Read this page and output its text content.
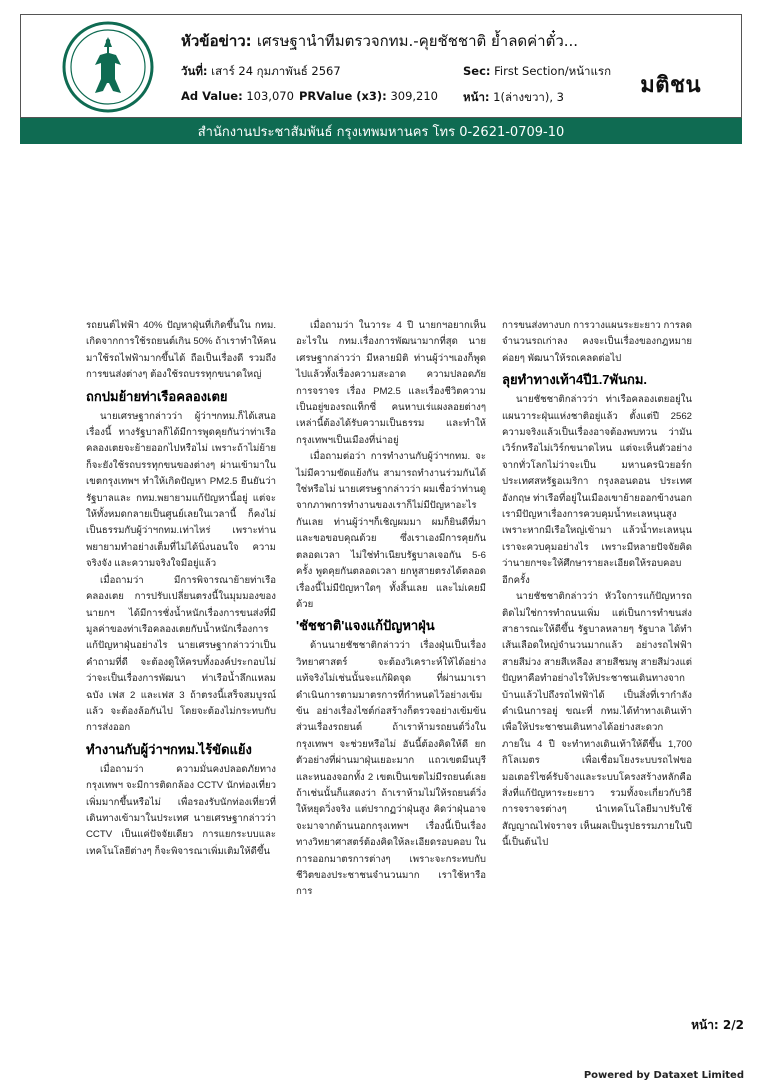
หัวข้อข่าว: เศรษฐานำทีมตรวจกทม.-คุยชัชชาติ ย้ำลดค่าตั๋ว...
วันที่: เสาร์ 24 กุมภาพันธ์ 2567	Sec: First Section/หน้าแรก
Ad Value: 103,070 PRValue (x3): 309,210 หน้า: 1(ล่างขวา), 3	มติชน
สำนักงานประชาสัมพันธ์ กรุงเทพมหานคร โทร 0-2621-0709-10

รถยนต์ไฟฟ้า 40% ปัญหาฝุ่นที่เกิดขึ้นใน กทม. เกิดจากการใช้รถยนต์เกิน 50% ถ้าเราทำให้คนมาใช้รถไฟฟ้ามากขึ้นได้ ถือเป็นเรื่องดี รวมถึงการขนส่งต่างๆ ต้องใช้รถบรรทุกขนาดใหญ่

ถกปมย้ายท่าเรือคลองเตย

นายเศรษฐากล่าวว่า ผู้ว่าฯกทม.ก็ได้เสนอเรื่องนี้ ทางรัฐบาลก็ได้มีการพูดคุยกันว่าท่าเรือคลองเตยจะย้ายออกไปหรือไม่ เพราะถ้าไม่ย้ายก็จะยังใช้รถบรรทุกขนของต่างๆ ผ่านเข้ามาในเขตกรุงเทพฯ ทำให้เกิดปัญหา PM2.5 ยืนยันว่ารัฐบาลและ กทม.พยายามแก้ปัญหานี้อยู่ แต่จะให้ทั้งหมดกลายเป็นศูนย์เลยในเวลานี้ ก็คงไม่เป็นธรรมกับผู้ว่าฯกทม.เท่าไหร่ เพราะท่านพยายามทำอย่างเต็มที่ไม่ได้นิ่งนอนใจ ความจริงจัง และความจริงใจมีอยู่แล้ว

เมื่อถามว่า มีการพิจารณาย้ายท่าเรือคลองเตย การปรับเปลี่ยนตรงนี้ในมุมมองของนายกฯ ได้มีการชั่งน้ำหนักเรื่องการขนส่งที่มีมูลค่าของท่าเรือคลองเตยกับน้ำหนักเรื่องการแก้ปัญหาฝุ่นอย่างไร นายเศรษฐากล่าวว่าเป็นคำถามที่ดี จะต้องดูให้ครบทั้งองค์ประกอบไม่ว่าจะเป็นเรื่องการพัฒนา ท่าเรือน้ำลึกแหลมฉบัง เฟส 2 และเฟส 3 ถ้าตรงนี้เสร็จสมบูรณ์แล้ว จะต้องล้อกันไป โดยจะต้องไม่กระทบกับการส่งออก

ทำงานกับผู้ว่าฯกทม.ไร้ขัดแย้ง

เมื่อถามว่า ความมั่นคงปลอดภัยทางกรุงเทพฯ จะมีการติดกล้อง CCTV นักท่องเที่ยวเพิ่มมากขึ้นหรือไม่ เพื่อรองรับนักท่องเที่ยวที่เดินทางเข้ามาในประเทศ นายเศรษฐากล่าวว่า CCTV เป็นแค่ปัจจัยเดียว การแยกระบบและเทคโนโลยีต่างๆ ก็จะพิจารณาเพิ่มเติมให้ดีขึ้น

เมื่อถามว่า ในวาระ 4 ปี นายกฯอยากเห็นอะไรใน กทม.เรื่องการพัฒนามากที่สุด นายเศรษฐากล่าวว่า มีหลายมิติ ท่านผู้ว่าฯเองก็พูดไปแล้วทั้งเรื่องความสะอาด ความปลอดภัย การจราจร เรื่อง PM2.5 และเรื่องชีวิตความเป็นอยู่ของรถแท็กซี่ คนหาบเร่แผงลอยต่างๆ เหล่านี้ต้องได้รับความเป็นธรรม และทำให้กรุงเทพฯเป็นเมืองที่น่าอยู่

เมื่อถามต่อว่า การทำงานกับผู้ว่าฯกทม. จะไม่มีความขัดแย้งกัน สามารถทำงานร่วมกันได้ใช่หรือไม่ นายเศรษฐากล่าวว่า ผมเชื่อว่าท่านดูจากภาพการทำงานของเราก็ไม่มีปัญหาอะไรกันเลย ท่านผู้ว่าฯก็เชิญผมมา ผมก็ยินดีที่มาและขอขอบคุณด้วย ซึ่งเราเองมีการคุยกันตลอดเวลา ไม่ใช่ทำเนียบรัฐบาลเจอกัน 5-6 ครั้ง พูดคุยกันตลอดเวลา ยกหูสายตรงได้ตลอด เรื่องนี้ไม่มีปัญหาใดๆ ทั้งสิ้นเลย และไม่เคยมีด้วย

'ชัชชาติ'แจงแก้ปัญหาฝุ่น

ด้านนายชัชชาติกล่าวว่า เรื่องฝุ่นเป็นเรื่องวิทยาศาสตร์ จะต้องวิเคราะห์ให้ได้อย่างแท้จริงไม่เช่นนั้นจะแก้ผิดจุด ที่ผ่านมาเราดำเนินการตามมาตรการที่กำหนดไว้อย่างเข้มข้น อย่างเรื่องไซต์ก่อสร้างก็ตรวจอย่างเข้มข้น ส่วนเรื่องรถยนต์ ถ้าเราห้ามรถยนต์วิ่งในกรุงเทพฯ จะช่วยหรือไม่ อันนี้ต้องคิดให้ดี ยกตัวอย่างที่ผ่านมาฝุ่นเยอะมาก แถวเขตมีนบุรีและหนองจอกทั้ง 2 เขตเป็นเขตไม่มีรถยนต์เลย ถ้าเช่นนั้นก็แสดงว่า ถ้าเราห้ามไม่ให้รถยนต์วิ่ง ให้หยุดวิ่งจริง แต่ปรากฏว่าฝุ่นสูง คิดว่าฝุ่นอาจจะมาจากด้านนอกกรุงเทพฯ เรื่องนี้เป็นเรื่องทางวิทยาศาสตร์ต้องคิดให้ละเอียดรอบคอบ ในการออกมาตรการต่างๆ เพราะจะกระทบกับชีวิตของประชาชนจำนวนมาก เราใช้หารือการ

การขนส่งทางบก การวางแผนระยะยาว การลดจำนวนรถเก่าลง คงจะเป็นเรื่องของกฎหมายค่อยๆ พัฒนาให้รถเคลดต่อไป

ลุยทำทางเท้า4ปี1.7พันกม.

นายชัชชาติกล่าวว่า ท่าเรือคลองเตยอยู่ในแผนวาระฝุ่นแห่งชาติอยู่แล้ว ตั้งแต่ปี 2562 ความจริงแล้วเป็นเรื่องอาจต้องพบทวน ว่ามันเวิร์กหรือไม่เวิร์กขนาดไหน แต่จะเห็นตัวอย่างจากทั่วโลกไม่ว่าจะเป็น มหานครนิวยอร์กประเทศสหรัฐอเมริกา กรุงลอนดอน ประเทศอังกฤษ ท่าเรือที่อยู่ในเมืองเขาย้ายออกข้างนอกเรามีปัญหาเรื่องการควบคุมน้ำทะเลหนุนสูงเพราะหากมีเรือใหญ่เข้ามา แล้วน้ำทะเลหนุนเราจะควบคุมอย่างไร เพราะมีหลายปัจจัยคิดว่านายกฯจะให้ศึกษารายละเอียดให้รอบคอบอีกครั้ง

นายชัชชาติกล่าวว่า หัวใจการแก้ปัญหารถติดไม่ใช่การทำถนนเพิ่ม แต่เป็นการทำขนส่งสาธารณะให้ดีขึ้น รัฐบาลหลายๆ รัฐบาล ได้ทำเส้นเลือดใหญ่จำนวนมากแล้ว อย่างรถไฟฟ้าสายสีม่วง สายสีเหลือง สายสีชมพู สายสีม่วงแต่ปัญหาคือทำอย่างไรให้ประชาชนเดินทางจากบ้านแล้วไปถึงรถไฟฟ้าได้ เป็นสิ่งที่เรากำลังดำเนินการอยู่ ขณะที่ กทม.ได้ทำทางเดินเท้าเพื่อให้ประชาชนเดินทางได้อย่างสะดวก ภายใน 4 ปี จะทำทางเดินเท้าให้ดีขึ้น 1,700 กิโลเมตร เพื่อเชื่อมโยงระบบรถไฟขอมอเตอร์ไซค์รับจ้างและระบบโครงสร้างหลักคือสิ่งที่แก้ปัญหาระยะยาว รวมทั้งจะเกี่ยวกับวิธีการจราจรต่างๆ นำเทคโนโลยีมาปรับใช้สัญญาณไฟจราจร เห็นผลเป็นรูปธรรมภายในปีนี้เป็นต้นไป

หน้า: 2/2
Powered by Dataxet Limited
